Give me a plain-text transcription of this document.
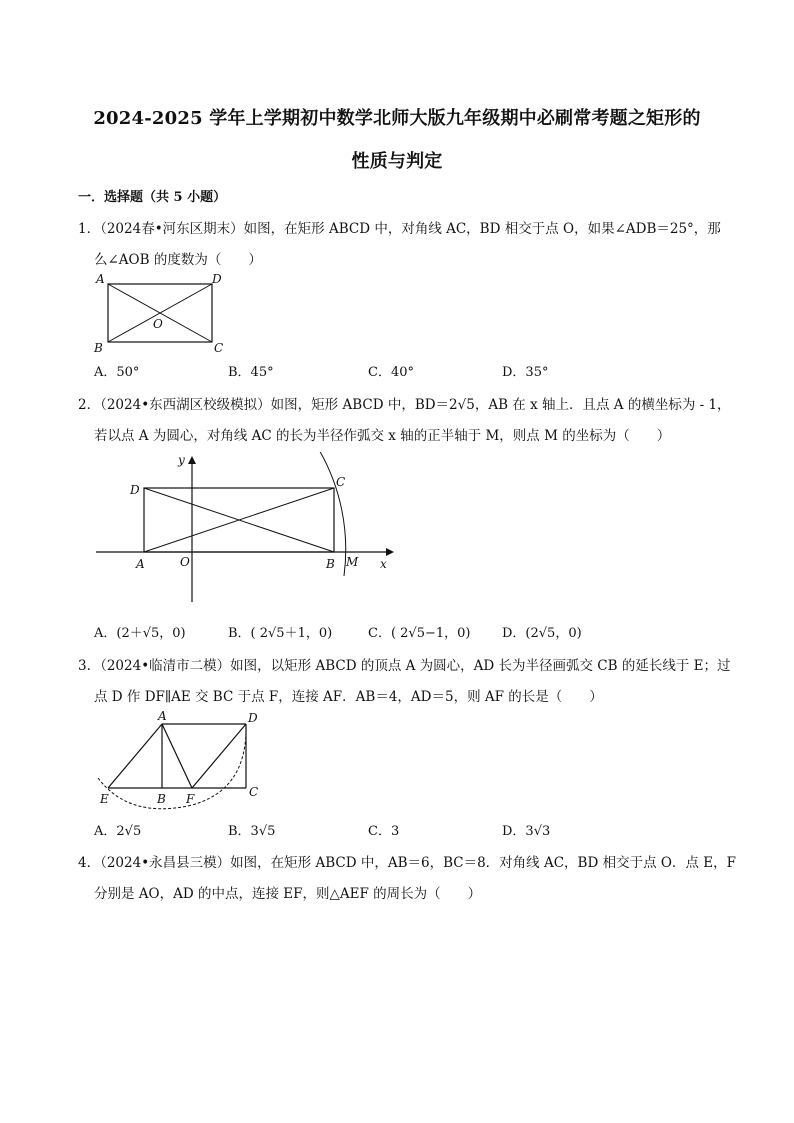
2024-2025 学年上学期初中数学北师大版九年级期中必刷常考题之矩形的
性质与判定
一．选择题（共 5 小题）
1．（2024春•河东区期末）如图，在矩形 ABCD 中，对角线 AC，BD 相交于点 O，如果∠ADB＝25°，那
么∠AOB 的度数为（　　）
A	D
O
B	C
A．50°	B．45°	C．40°	D．35°
2．（2024•东西湖区校级模拟）如图，矩形 ABCD 中，BD＝2√5，AB 在 x 轴上．且点 A 的横坐标为 - 1，
若以点 A 为圆心，对角线 AC 的长为半径作弧交 x 轴的正半轴于 M，则点 M 的坐标为（　　）
y
D
C
A	O	B M x
A．(2＋√5，0)	B．( 2√5＋1，0)	C．( 2√5−1，0) D．(2√5，0)
3．（2024•临清市二模）如图，以矩形 ABCD 的顶点 A 为圆心，AD 长为半径画弧交 CB 的延长线于 E；过
点 D 作 DF∥AE 交 BC 于点 F，连接 AF．AB＝4，AD＝5，则 AF 的长是（　　）
A	D
E	B F	C
A．2√5	B．3√5	C．3	D．3√3
4．（2024•永昌县三模）如图，在矩形 ABCD 中，AB＝6，BC＝8．对角线 AC，BD 相交于点 O．点 E，F
分别是 AO，AD 的中点，连接 EF，则△AEF 的周长为（　　）
